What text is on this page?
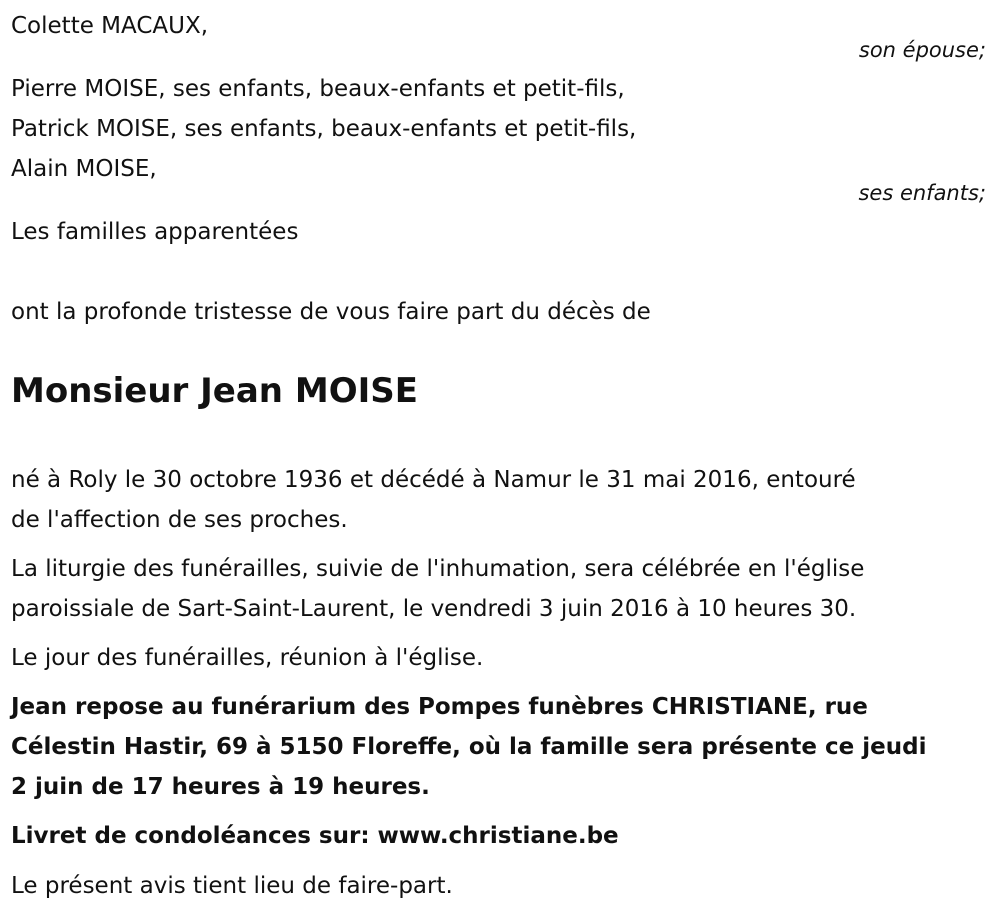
Colette MACAUX,
son épouse;
Pierre MOISE, ses enfants, beaux-enfants et petit-fils,
Patrick MOISE, ses enfants, beaux-enfants et petit-fils,
Alain MOISE,
ses enfants;
Les familles apparentées
ont la profonde tristesse de vous faire part du décès de
Monsieur Jean MOISE
né à Roly le 30 octobre 1936 et décédé à Namur le 31 mai 2016, entouré
de l'affection de ses proches.
La liturgie des funérailles, suivie de l'inhumation, sera célébrée en l'église
paroissiale de Sart-Saint-Laurent, le vendredi 3 juin 2016 à 10 heures 30.
Le jour des funérailles, réunion à l'église.
Jean repose au funérarium des Pompes funèbres CHRISTIANE, rue
Célestin Hastir, 69 à 5150 Floreffe, où la famille sera présente ce jeudi
2 juin de 17 heures à 19 heures.
Livret de condoléances sur: www.christiane.be
Le présent avis tient lieu de faire-part.
